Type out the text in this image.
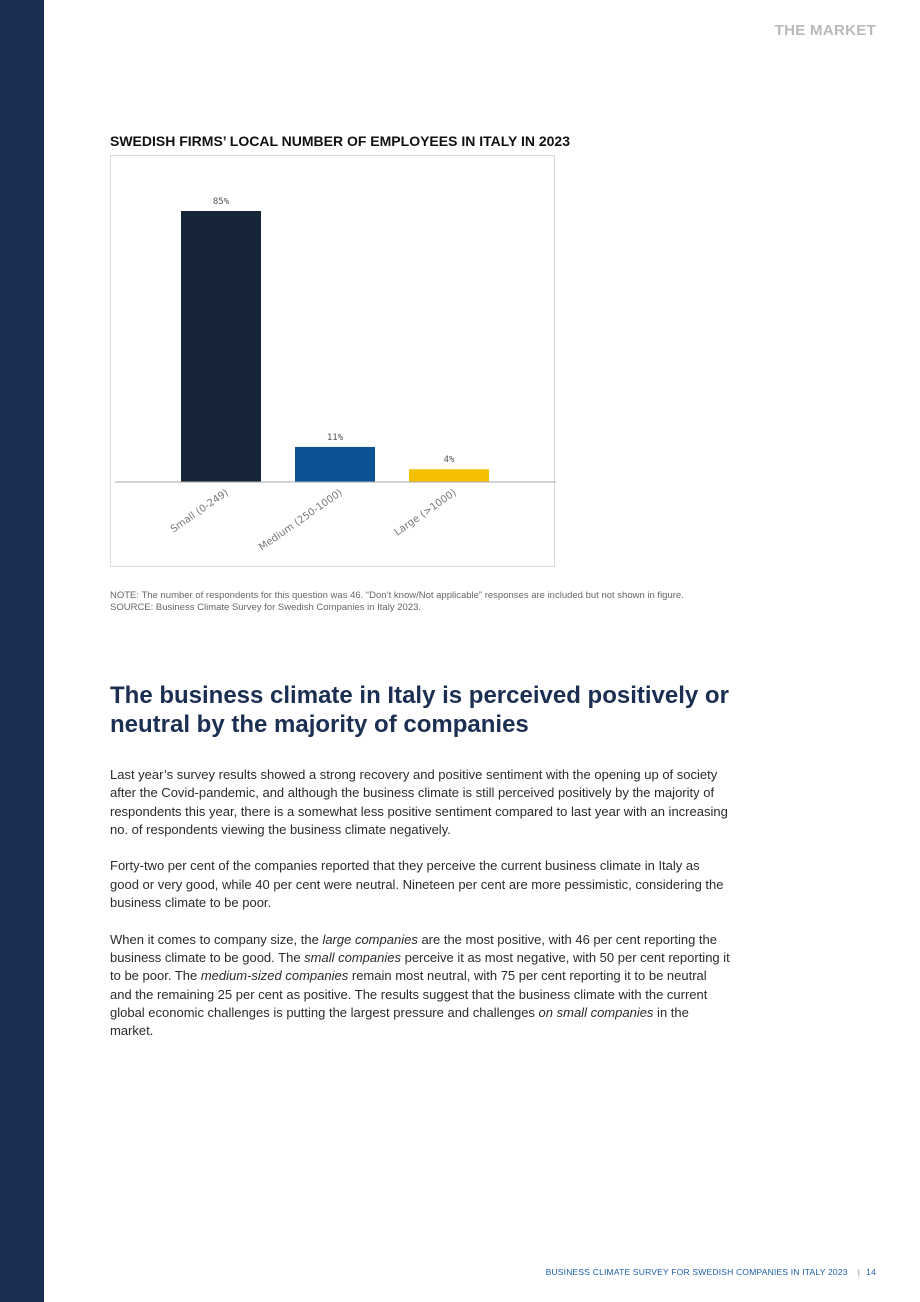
THE MARKET
SWEDISH FIRMS’ LOCAL NUMBER OF EMPLOYEES IN ITALY IN 2023
85%
Small (0-249)
11%
Medium (250-1000)
4%
Large (>1000)
NOTE: The number of respondents for this question was 46. “Don’t know/Not applicable” responses are included but not shown in figure.
SOURCE: Business Climate Survey for Swedish Companies in Italy 2023.
The business climate in Italy is perceived positively or neutral by the majority of companies

Last year’s survey results showed a strong recovery and positive sentiment with the opening up of society after the Covid-pandemic, and although the business climate is still perceived positively by the majority of respondents this year, there is a somewhat less positive sentiment compared to last year with an increasing no. of respondents viewing the business climate negatively.

Forty-two per cent of the companies reported that they perceive the current business climate in Italy as good or very good, while 40 per cent were neutral. Nineteen per cent are more pessimistic, considering the business climate to be poor.

When it comes to company size, the large companies are the most positive, with 46 per cent reporting the business climate to be good. The small companies perceive it as most negative, with 50 per cent reporting it to be poor. The medium-sized companies remain most neutral, with 75 per cent reporting it to be neutral and the remaining 25 per cent as positive. The results suggest that the business climate with the current global economic challenges is putting the largest pressure and challenges on small companies in the market.

BUSINESS CLIMATE SURVEY FOR SWEDISH COMPANIES IN ITALY 2023 | 14
